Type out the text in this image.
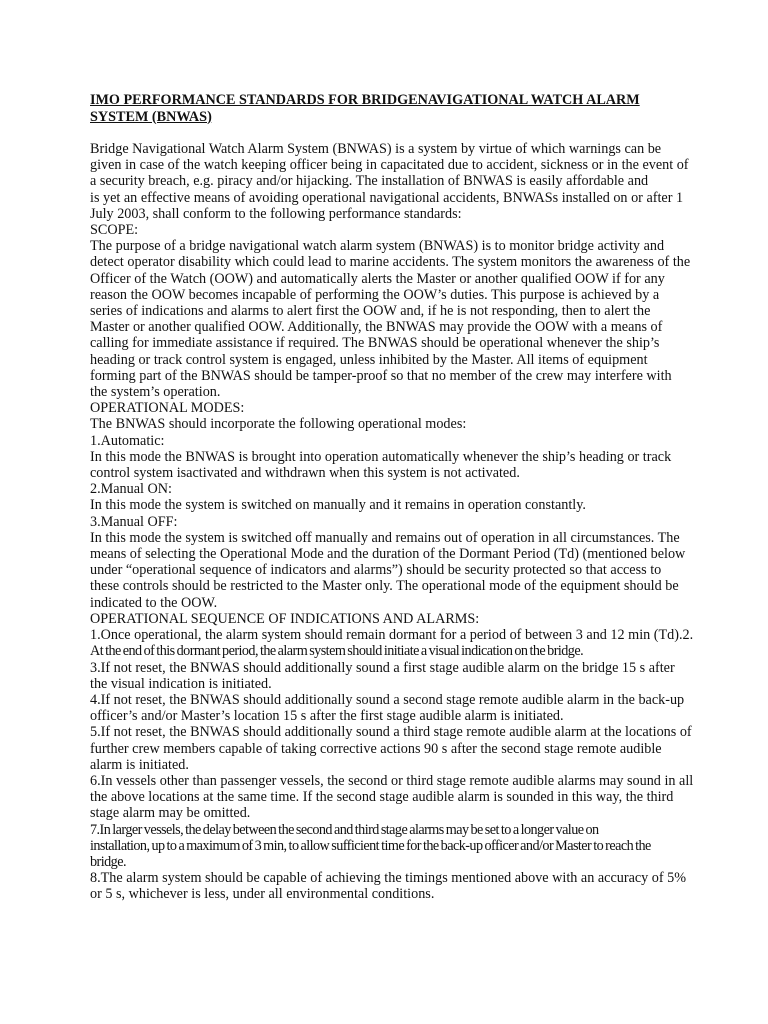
IMO PERFORMANCE STANDARDS FOR BRIDGENAVIGATIONAL WATCH ALARM
SYSTEM (BNWAS)
Bridge Navigational Watch Alarm System (BNWAS) is a system by virtue of which warnings can be
given in case of the watch keeping officer being in capacitated due to accident, sickness or in the event of
a security breach, e.g. piracy and/or hijacking. The installation of BNWAS is easily affordable and
is yet an effective means of avoiding operational navigational accidents, BNWASs installed on or after 1
July 2003, shall conform to the following performance standards:
SCOPE:
The purpose of a bridge navigational watch alarm system (BNWAS) is to monitor bridge activity and
detect operator disability which could lead to marine accidents. The system monitors the awareness of the
Officer of the Watch (OOW) and automatically alerts the Master or another qualified OOW if for any
reason the OOW becomes incapable of performing the OOW’s duties. This purpose is achieved by a
series of indications and alarms to alert first the OOW and, if he is not responding, then to alert the
Master or another qualified OOW. Additionally, the BNWAS may provide the OOW with a means of
calling for immediate assistance if required. The BNWAS should be operational whenever the ship’s
heading or track control system is engaged, unless inhibited by the Master. All items of equipment
forming part of the BNWAS should be tamper-proof so that no member of the crew may interfere with
the system’s operation.
OPERATIONAL MODES:
The BNWAS should incorporate the following operational modes:
1.Automatic:
In this mode the BNWAS is brought into operation automatically whenever the ship’s heading or track
control system isactivated and withdrawn when this system is not activated.
2.Manual ON:
In this mode the system is switched on manually and it remains in operation constantly.
3.Manual OFF:
In this mode the system is switched off manually and remains out of operation in all circumstances. The
means of selecting the Operational Mode and the duration of the Dormant Period (Td) (mentioned below
under “operational sequence of indicators and alarms”) should be security protected so that access to
these controls should be restricted to the Master only. The operational mode of the equipment should be
indicated to the OOW.
OPERATIONAL SEQUENCE OF INDICATIONS AND ALARMS:
1.Once operational, the alarm system should remain dormant for a period of between 3 and 12 min (Td).2.
At the end of this dormant period, the alarm system should initiate a visual indication on the bridge.
3.If not reset, the BNWAS should additionally sound a first stage audible alarm on the bridge 15 s after
the visual indication is initiated.
4.If not reset, the BNWAS should additionally sound a second stage remote audible alarm in the back-up
officer’s and/or Master’s location 15 s after the first stage audible alarm is initiated.
5.If not reset, the BNWAS should additionally sound a third stage remote audible alarm at the locations of
further crew members capable of taking corrective actions 90 s after the second stage remote audible
alarm is initiated.
6.In vessels other than passenger vessels, the second or third stage remote audible alarms may sound in all
the above locations at the same time. If the second stage audible alarm is sounded in this way, the third
stage alarm may be omitted.
7.In larger vessels, the delay between the second and third stage alarms may be set to a longer value on
installation, up to a maximum of 3 min, to allow sufficient time for the back-up officer and/or Master to reach the
bridge.
8.The alarm system should be capable of achieving the timings mentioned above with an accuracy of 5%
or 5 s, whichever is less, under all environmental conditions.
